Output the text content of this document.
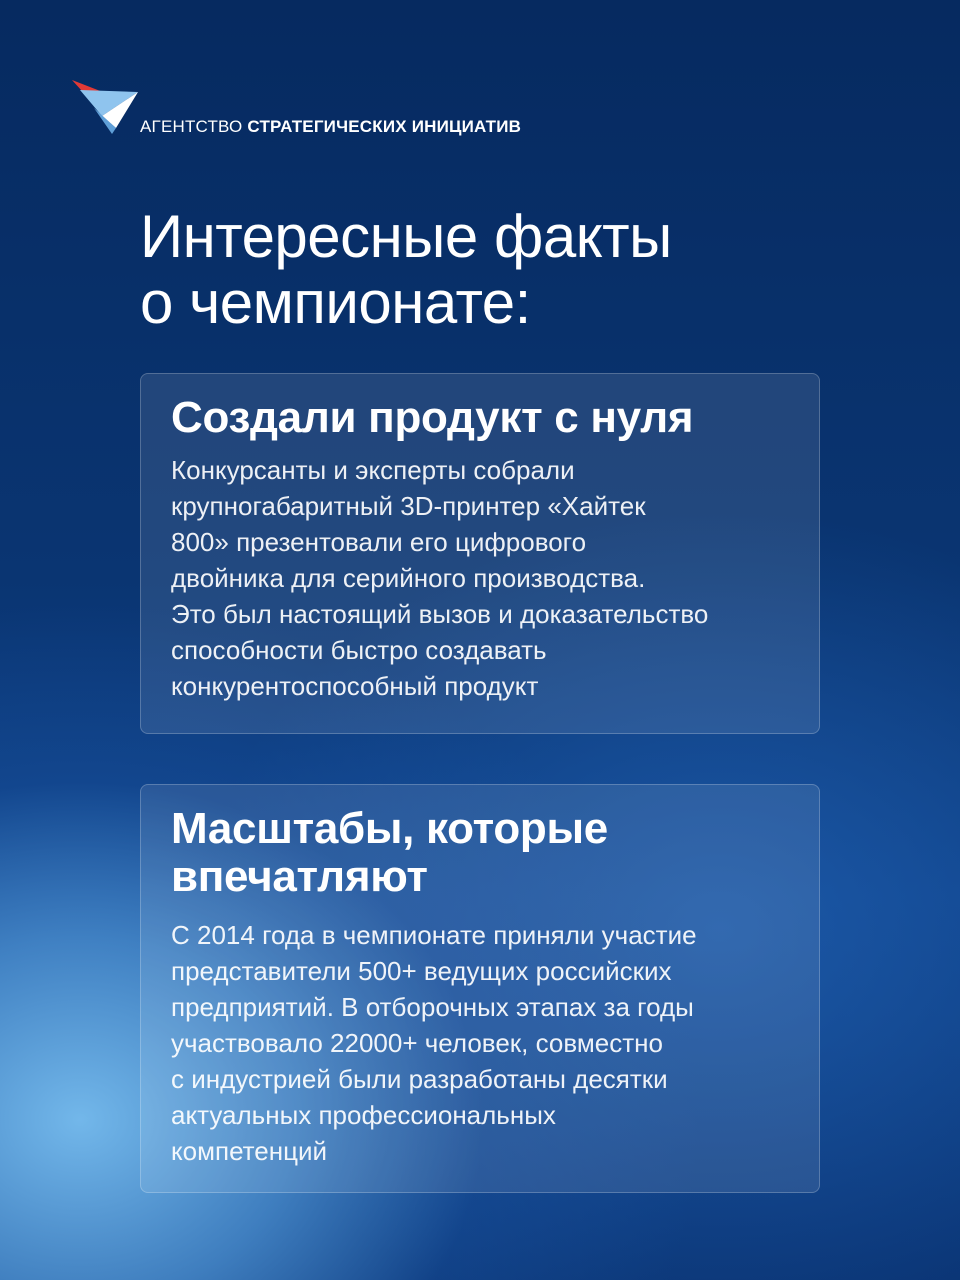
АГЕНТСТВО СТРАТЕГИЧЕСКИХ ИНИЦИАТИВ
Интересные факты
о чемпионате:
Создали продукт с нуля

Конкурсанты и эксперты собрали
крупногабаритный 3D-принтер «Хайтек
800» презентовали его цифрового
двойника для серийного производства.
Это был настоящий вызов и доказательство
способности быстро создавать
конкурентоспособный продукт

Масштабы, которые
впечатляют

С 2014 года в чемпионате приняли участие
представители 500+ ведущих российских
предприятий. В отборочных этапах за годы
участвовало 22000+ человек, совместно
с индустрией были разработаны десятки
актуальных профессиональных
компетенций
